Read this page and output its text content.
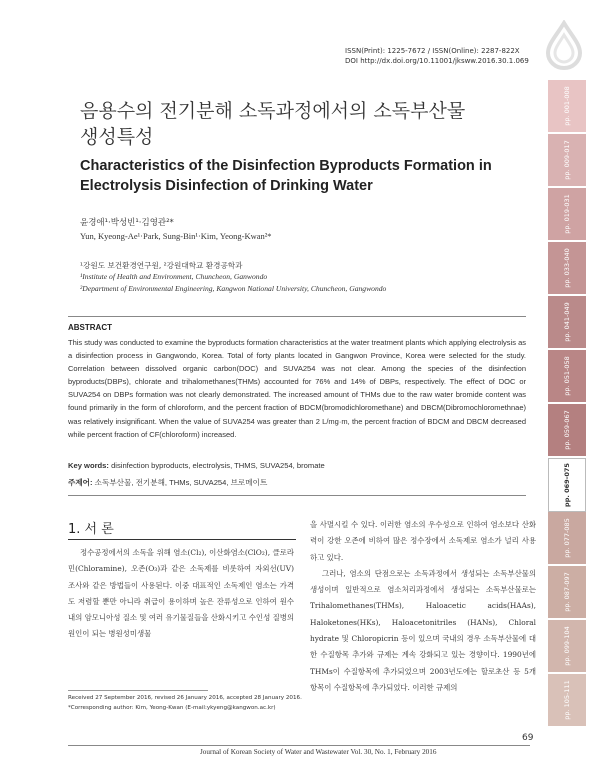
ISSN(Print): 1225-7672 / ISSN(Online): 2287-822X
DOI http://dx.doi.org/10.11001/jksww.2016.30.1.069
음용수의 전기분해 소독과정에서의 소독부산물
생성특성
Characteristics of the Disinfection Byproducts Formation in
Electrolysis Disinfection of Drinking Water
윤경애¹·박성빈¹·김영관²*
Yun, Kyeong-Ae¹·Park, Sung-Bin¹·Kim, Yeong-Kwan²*
¹강원도 보건환경연구원, ²강원대학교 환경공학과
¹Institute of Health and Environment, Chuncheon, Ganwondo
²Department of Environmental Engineering, Kangwon National University, Chuncheon, Gangwondo
ABSTRACT
This study was conducted to examine the byproducts formation characteristics at the water treatment plants which applying electrolysis as a disinfection process in Gangwondo, Korea. Total of forty plants located in Gangwon Province, Korea were selected for the study. Correlation between dissolved organic carbon(DOC) and SUVA254 was not clear. Among the species of the disinfection byproducts(DBPs), chlorate and trihalomethanes(THMs) accounted for 76% and 14% of DBPs, respectively. The effect of DOC or SUVA254 on DBPs formation was not clearly demonstrated. The increased amount of THMs due to the raw water bromide content was found primarily in the form of chloroform, and the percent fraction of BDCM(bromodichloromethane) and DBCM(Dibromochloromethnae) was relatively insignificant. When the value of SUVA254 was greater than 2 L/mg·m, the percent fraction of BDCM and DBCM decreased while percent fraction of CF(chloroform) increased.
Key words: disinfection byproducts, electrolysis, THMS, SUVA254, bromate
주제어: 소독부산물, 전기분해, THMs, SUVA254, 브로메이트
1. 서 론

정수공정에서의 소독을 위해 염소(Cl₂), 이산화염소(ClO₂), 클로라민(Chloramine), 오존(O₃)과 같은 소독제를 비롯하여 자외선(UV) 조사와 같은 방법들이 사용된다. 이중 대표적인 소독제인 염소는 가격도 저렴할 뿐만 아니라 취급이 용이하며 높은 잔류성으로 인하여 원수내의 암모니아성 질소 및 여러 유기물질들을 산화시키고 수인성 질병의 원인이 되는 병원성미생물

을 사멸시킬 수 있다. 이러한 염소의 우수성으로 인하여 염소보다 산화력이 강한 오존에 비하여 많은 정수장에서 소독제로 염소가 널리 사용하고 있다.

그러나, 염소의 단점으로는 소독과정에서 생성되는 소독부산물의 생성이며 일반적으로 염소처리과정에서 생성되는 소독부산물로는 Trihalomethanes(THMs), Haloacetic acids(HAAs), Haloketones(HKs), Haloacetonitriles (HANs), Chloral hydrate 및 Chloropicrin 등이 있으며 국내의 경우 소독부산물에 대한 수질항목 추가와 규제는 계속 강화되고 있는 경향이다. 1990년에 THMs이 수질항목에 추가되었으며 2003년도에는 할로초산 등 5개 항목이 수질항목에 추가되었다. 이러한 규제의

Received 27 September 2016, revised 26 January 2016, accepted 28 January 2016.
*Corresponding author: Kim, Yeong-Kwan (E-mail:ykyeng@kangwon.ac.kr)
69
Journal of Korean Society of Water and Wastewater Vol. 30, No. 1, February 2016
pp. 001-008
pp. 009-017
pp. 019-031
pp. 033-040
pp. 041-049
pp. 051-058
pp. 059-067
pp. 069-075
pp. 077-085
pp. 087-097
pp. 099-104
pp. 105-111
